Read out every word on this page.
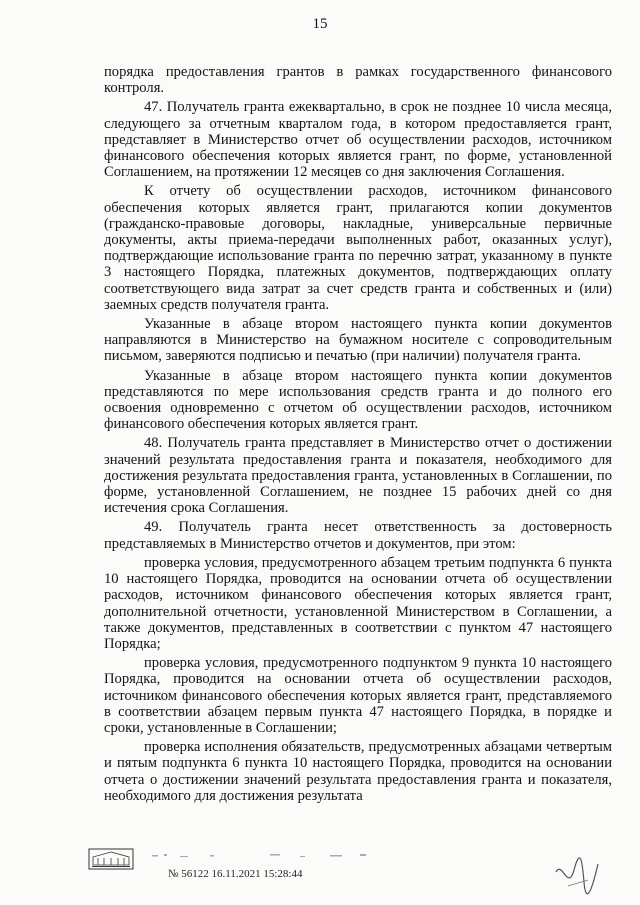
15

порядка предоставления грантов в рамках государственного финансового контроля.

47. Получатель гранта ежеквартально, в срок не позднее 10 числа месяца, следующего за отчетным кварталом года, в котором предоставляется грант, представляет в Министерство отчет об осуществлении расходов, источником финансового обеспечения которых является грант, по форме, установленной Соглашением, на протяжении 12 месяцев со дня заключения Соглашения.

К отчету об осуществлении расходов, источником финансового обеспечения которых является грант, прилагаются копии документов (гражданско-правовые договоры, накладные, универсальные первичные документы, акты приема-передачи выполненных работ, оказанных услуг), подтверждающие использование гранта по перечню затрат, указанному в пункте 3 настоящего Порядка, платежных документов, подтверждающих оплату соответствующего вида затрат за счет средств гранта и собственных и (или) заемных средств получателя гранта.

Указанные в абзаце втором настоящего пункта копии документов направляются в Министерство на бумажном носителе с сопроводительным письмом, заверяются подписью и печатью (при наличии) получателя гранта.

Указанные в абзаце втором настоящего пункта копии документов представляются по мере использования средств гранта и до полного его освоения одновременно с отчетом об осуществлении расходов, источником финансового обеспечения которых является грант.

48. Получатель гранта представляет в Министерство отчет о достижении значений результата предоставления гранта и показателя, необходимого для достижения результата предоставления гранта, установленных в Соглашении, по форме, установленной Соглашением, не позднее 15 рабочих дней со дня истечения срока Соглашения.

49. Получатель гранта несет ответственность за достоверность представляемых в Министерство отчетов и документов, при этом:

проверка условия, предусмотренного абзацем третьим подпункта 6 пункта 10 настоящего Порядка, проводится на основании отчета об осуществлении расходов, источником финансового обеспечения которых является грант, дополнительной отчетности, установленной Министерством в Соглашении, а также документов, представленных в соответствии с пунктом 47 настоящего Порядка;

проверка условия, предусмотренного подпунктом 9 пункта 10 настоящего Порядка, проводится на основании отчета об осуществлении расходов, источником финансового обеспечения которых является грант, представляемого в соответствии абзацем первым пункта 47 настоящего Порядка, в порядке и сроки, установленные в Соглашении;

проверка исполнения обязательств, предусмотренных абзацами четвертым и пятым подпункта 6 пункта 10 настоящего Порядка, проводится на основании отчета о достижении значений результата предоставления гранта и показателя, необходимого для достижения результата

№ 56122 16.11.2021 15:28:44
